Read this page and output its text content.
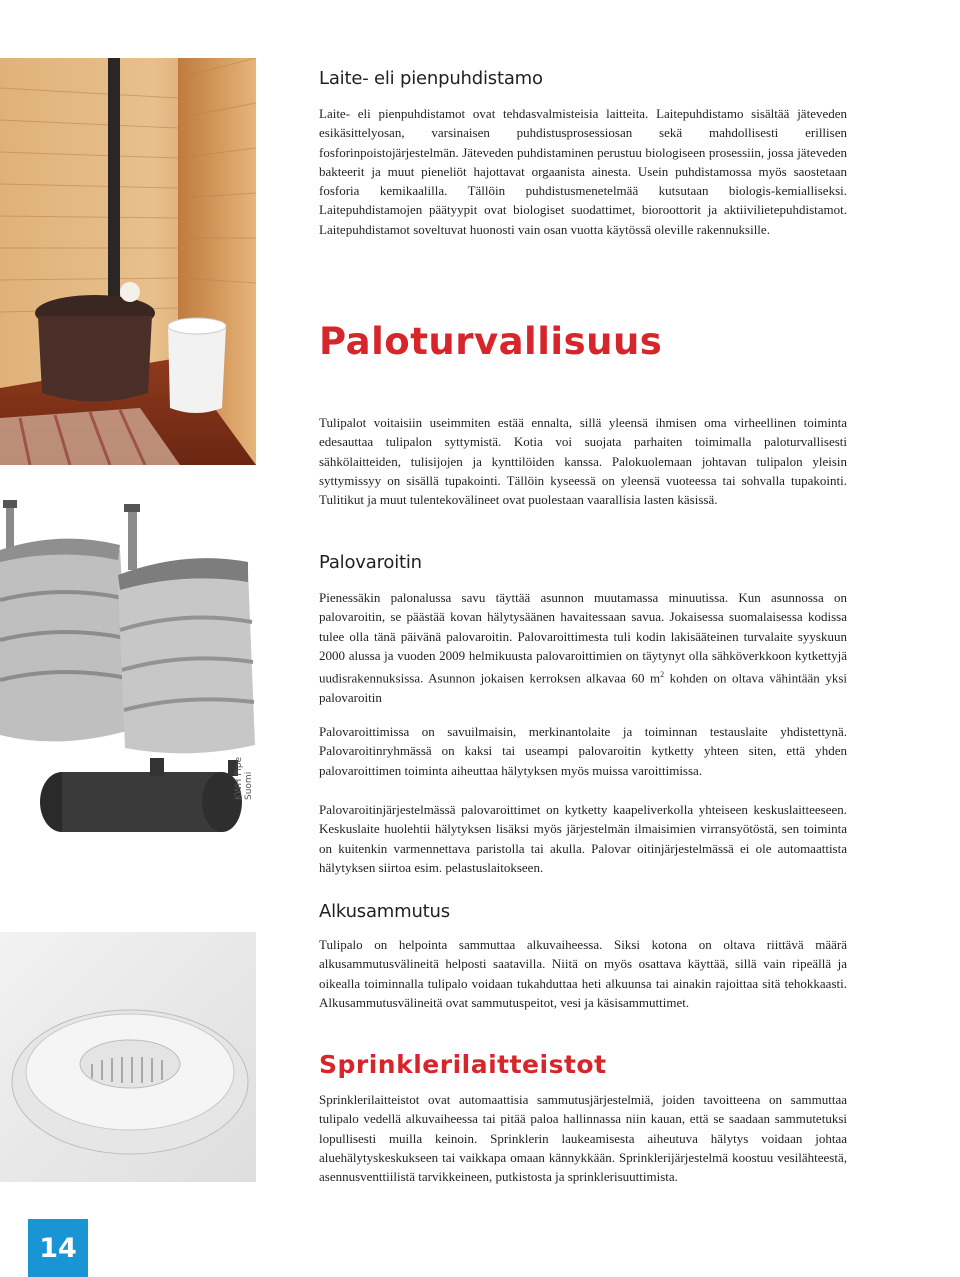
KWH Pipe Suomi
Laite- eli pienpuhdistamo

Laite- eli pienpuhdistamot ovat tehdasvalmisteisia laitteita. Laitepuhdistamo sisältää jäteveden esikäsittelyosan, varsinaisen puhdistusprosessiosan sekä mahdollisesti erillisen fosforinpoistojärjestelmän. Jäteveden puhdistaminen perustuu biologiseen prosessiin, jossa jäteveden bakteerit ja muut pieneliöt hajottavat orgaanista ainesta. Usein puhdistamossa myös saostetaan fosforia kemikaalilla. Tällöin puhdistusmenetelmää kutsutaan biologis-kemialliseksi. Laitepuhdistamojen päätyypit ovat biologiset suodattimet, bioroottorit ja aktiivilietepuhdistamot. Laitepuhdistamot soveltuvat huonosti vain osan vuotta käytössä oleville rakennuksille.

Paloturvallisuus

Tulipalot voitaisiin useimmiten estää ennalta, sillä yleensä ihmisen oma virheellinen toiminta edesauttaa tulipalon syttymistä. Kotia voi suojata parhaiten toimimalla paloturvallisesti sähkölaitteiden, tulisijojen ja kynttilöiden kanssa. Palokuolemaan johtavan tulipalon yleisin syttymissyy on sisällä tupakointi. Tällöin kyseessä on yleensä vuoteessa tai sohvalla tupakointi. Tulitikut ja muut tulentekovälineet ovat puolestaan vaarallisia lasten käsissä.

Palovaroitin

Pienessäkin palonalussa savu täyttää asunnon muutamassa minuutissa. Kun asunnossa on palovaroitin, se päästää kovan hälytysäänen havaitessaan savua. Jokaisessa suomalaisessa kodissa tulee olla tänä päivänä palovaroitin. Palovaroittimesta tuli kodin lakisääteinen turvalaite syyskuun 2000 alussa ja vuoden 2009 helmikuusta palovaroittimien on täytynyt olla sähköverkkoon kytkettyjä uudisrakennuksissa. Asunnon jokaisen kerroksen alkavaa 60 $m^2$ kohden on oltava vähintään yksi palovaroitin

Palovaroittimissa on savuilmaisin, merkinantolaite ja toiminnan testauslaite yhdistettynä. Palovaroitinryhmässä on kaksi tai useampi palovaroitin kytketty yhteen siten, että yhden palovaroittimen toiminta aiheuttaa hälytyksen myös muissa varoittimissa.

Palovaroitinjärjestelmässä palovaroittimet on kytketty kaapeliverkolla yhteiseen keskuslaitteeseen. Keskuslaite huolehtii hälytyksen lisäksi myös järjestelmän ilmaisimien virransyötöstä, sen toiminta on kuitenkin varmennettava paristolla tai akulla. Palovar oitinjärjestelmässä ei ole automaattista hälytyksen siirtoa esim. pelastuslaitokseen.

Alkusammutus

Tulipalo on helpointa sammuttaa alkuvaiheessa. Siksi kotona on oltava riittävä määrä alkusammutusvälineitä helposti saatavilla. Niitä on myös osattava käyttää, sillä vain ripeällä ja oikealla toiminnalla tulipalo voidaan tukahduttaa heti alkuunsa tai ainakin rajoittaa sitä tehokkaasti. Alkusammutusvälineitä ovat sammutuspeitot, vesi ja käsisammuttimet.

Sprinklerilaitteistot

Sprinklerilaitteistot ovat automaattisia sammutusjärjestelmiä, joiden tavoitteena on sammuttaa tulipalo vedellä alkuvaiheessa tai pitää paloa hallinnassa niin kauan, että se saadaan sammutetuksi lopullisesti muilla keinoin. Sprinklerin laukeamisesta aiheutuva hälytys voidaan johtaa aluehälytyskeskukseen tai vaikkapa omaan kännykkään. Sprinklerijärjestelmä koostuu vesilähteestä, asennusventtiilistä tarvikkeineen, putkistosta ja sprinklerisuuttimista.

14
